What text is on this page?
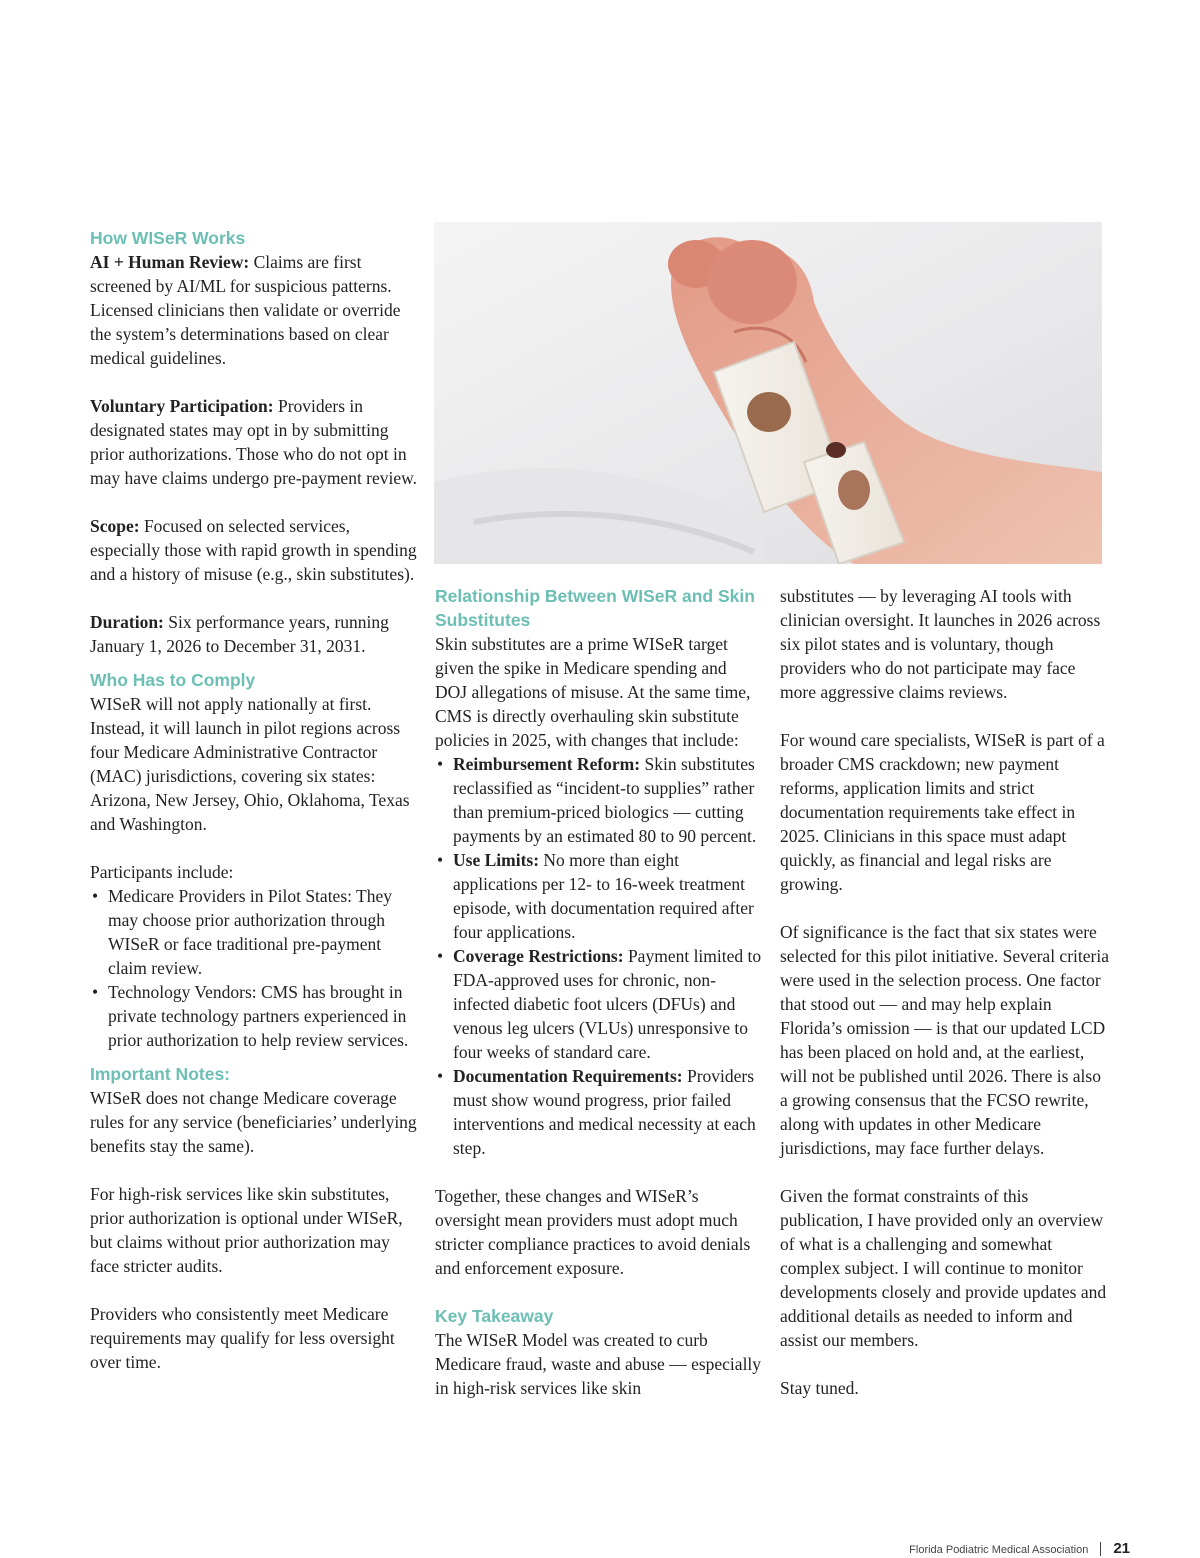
How WISeR Works

AI + Human Review: Claims are first screened by AI/ML for suspicious patterns. Licensed clinicians then validate or override the system’s determinations based on clear medical guidelines.

Voluntary Participation: Providers in designated states may opt in by submitting prior authorizations. Those who do not opt in may have claims undergo pre-payment review.

Scope: Focused on selected services, especially those with rapid growth in spending and a history of misuse (e.g., skin substitutes).

Duration: Six performance years, running January 1, 2026 to December 31, 2031.

Who Has to Comply

WISeR will not apply nationally at first. Instead, it will launch in pilot regions across four Medicare Administrative Contractor (MAC) jurisdictions, covering six states: Arizona, New Jersey, Ohio, Oklahoma, Texas and Washington.

Participants include:

• Medicare Providers in Pilot States: They may choose prior authorization through WISeR or face traditional pre-payment claim review.
• Technology Vendors: CMS has brought in private technology partners experienced in prior authorization to help review services.

Important Notes:

WISeR does not change Medicare coverage rules for any service (beneficiaries’ underlying benefits stay the same).

For high-risk services like skin substitutes, prior authorization is optional under WISeR, but claims without prior authorization may face stricter audits.

Providers who consistently meet Medicare requirements may qualify for less oversight over time.

Relationship Between WISeR and Skin Substitutes

Skin substitutes are a prime WISeR target given the spike in Medicare spending and DOJ allegations of misuse. At the same time, CMS is directly overhauling skin substitute policies in 2025, with changes that include:

• Reimbursement Reform: Skin substitutes reclassified as “incident-to supplies” rather than premium-priced biologics — cutting payments by an estimated 80 to 90 percent.
• Use Limits: No more than eight applications per 12- to 16-week treatment episode, with documentation required after four applications.
• Coverage Restrictions: Payment limited to FDA-approved uses for chronic, non-infected diabetic foot ulcers (DFUs) and venous leg ulcers (VLUs) unresponsive to four weeks of standard care.
• Documentation Requirements: Providers must show wound progress, prior failed interventions and medical necessity at each step.

Together, these changes and WISeR’s oversight mean providers must adopt much stricter compliance practices to avoid denials and enforcement exposure.

Key Takeaway

The WISeR Model was created to curb Medicare fraud, waste and abuse — especially in high-risk services like skin

substitutes — by leveraging AI tools with clinician oversight. It launches in 2026 across six pilot states and is voluntary, though providers who do not participate may face more aggressive claims reviews.

For wound care specialists, WISeR is part of a broader CMS crackdown; new payment reforms, application limits and strict documentation requirements take effect in 2025. Clinicians in this space must adapt quickly, as financial and legal risks are growing.

Of significance is the fact that six states were selected for this pilot initiative. Several criteria were used in the selection process. One factor that stood out — and may help explain Florida’s omission — is that our updated LCD has been placed on hold and, at the earliest, will not be published until 2026. There is also a growing consensus that the FCSO rewrite, along with updates in other Medicare jurisdictions, may face further delays.

Given the format constraints of this publication, I have provided only an overview of what is a challenging and somewhat complex subject. I will continue to monitor developments closely and provide updates and additional details as needed to inform and assist our members.

Stay tuned.

Florida Podiatric Medical Association 21
